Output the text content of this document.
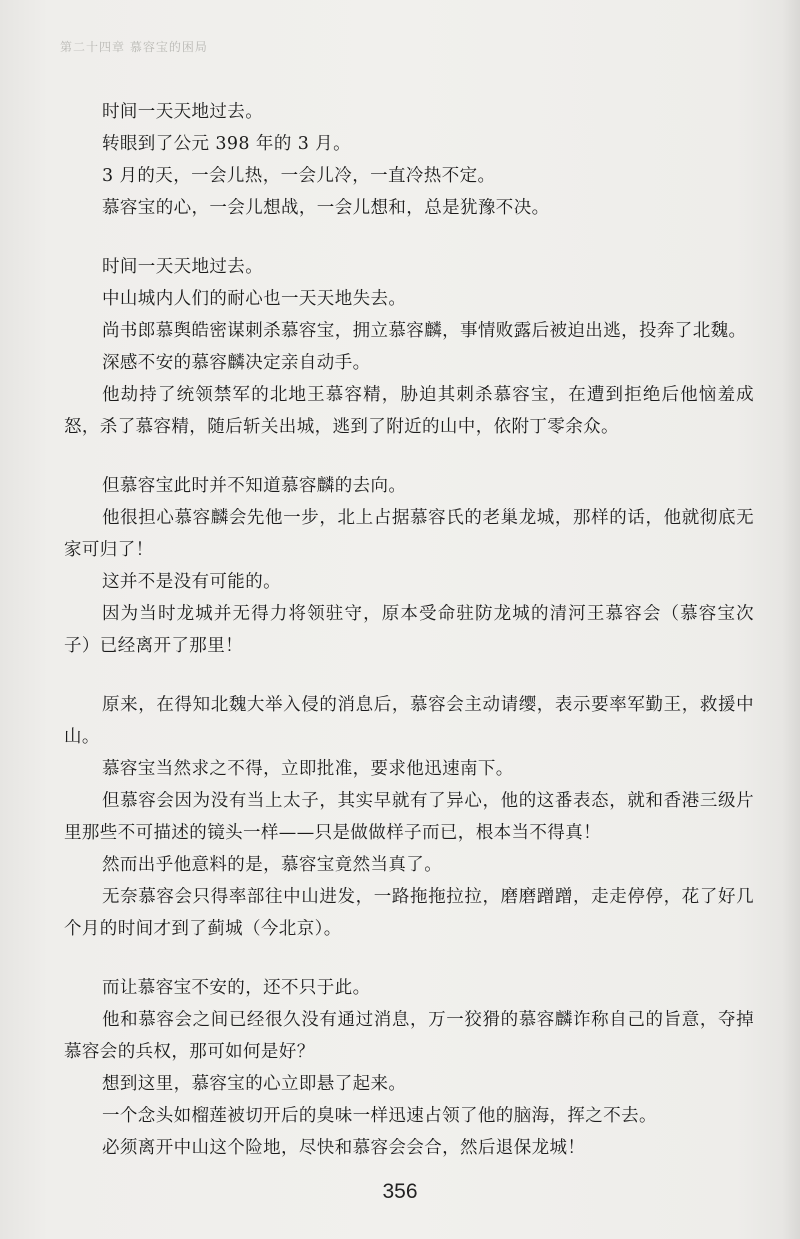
第二十四章 慕容宝的困局

时间一天天地过去。

转眼到了公元 398 年的 3 月。

3 月的天，一会儿热，一会儿冷，一直冷热不定。

慕容宝的心，一会儿想战，一会儿想和，总是犹豫不决。

时间一天天地过去。

中山城内人们的耐心也一天天地失去。

尚书郎慕舆皓密谋刺杀慕容宝，拥立慕容麟，事情败露后被迫出逃，投奔了北魏。

深感不安的慕容麟决定亲自动手。

他劫持了统领禁军的北地王慕容精，胁迫其刺杀慕容宝，在遭到拒绝后他恼羞成怒，杀了慕容精，随后斩关出城，逃到了附近的山中，依附丁零余众。

但慕容宝此时并不知道慕容麟的去向。

他很担心慕容麟会先他一步，北上占据慕容氏的老巢龙城，那样的话，他就彻底无家可归了！

这并不是没有可能的。

因为当时龙城并无得力将领驻守，原本受命驻防龙城的清河王慕容会（慕容宝次子）已经离开了那里！

原来，在得知北魏大举入侵的消息后，慕容会主动请缨，表示要率军勤王，救援中山。

慕容宝当然求之不得，立即批准，要求他迅速南下。

但慕容会因为没有当上太子，其实早就有了异心，他的这番表态，就和香港三级片里那些不可描述的镜头一样——只是做做样子而已，根本当不得真！

然而出乎他意料的是，慕容宝竟然当真了。

无奈慕容会只得率部往中山进发，一路拖拖拉拉，磨磨蹭蹭，走走停停，花了好几个月的时间才到了蓟城（今北京）。

而让慕容宝不安的，还不只于此。

他和慕容会之间已经很久没有通过消息，万一狡猾的慕容麟诈称自己的旨意，夺掉慕容会的兵权，那可如何是好？

想到这里，慕容宝的心立即悬了起来。

一个念头如榴莲被切开后的臭味一样迅速占领了他的脑海，挥之不去。

必须离开中山这个险地，尽快和慕容会会合，然后退保龙城！

356
